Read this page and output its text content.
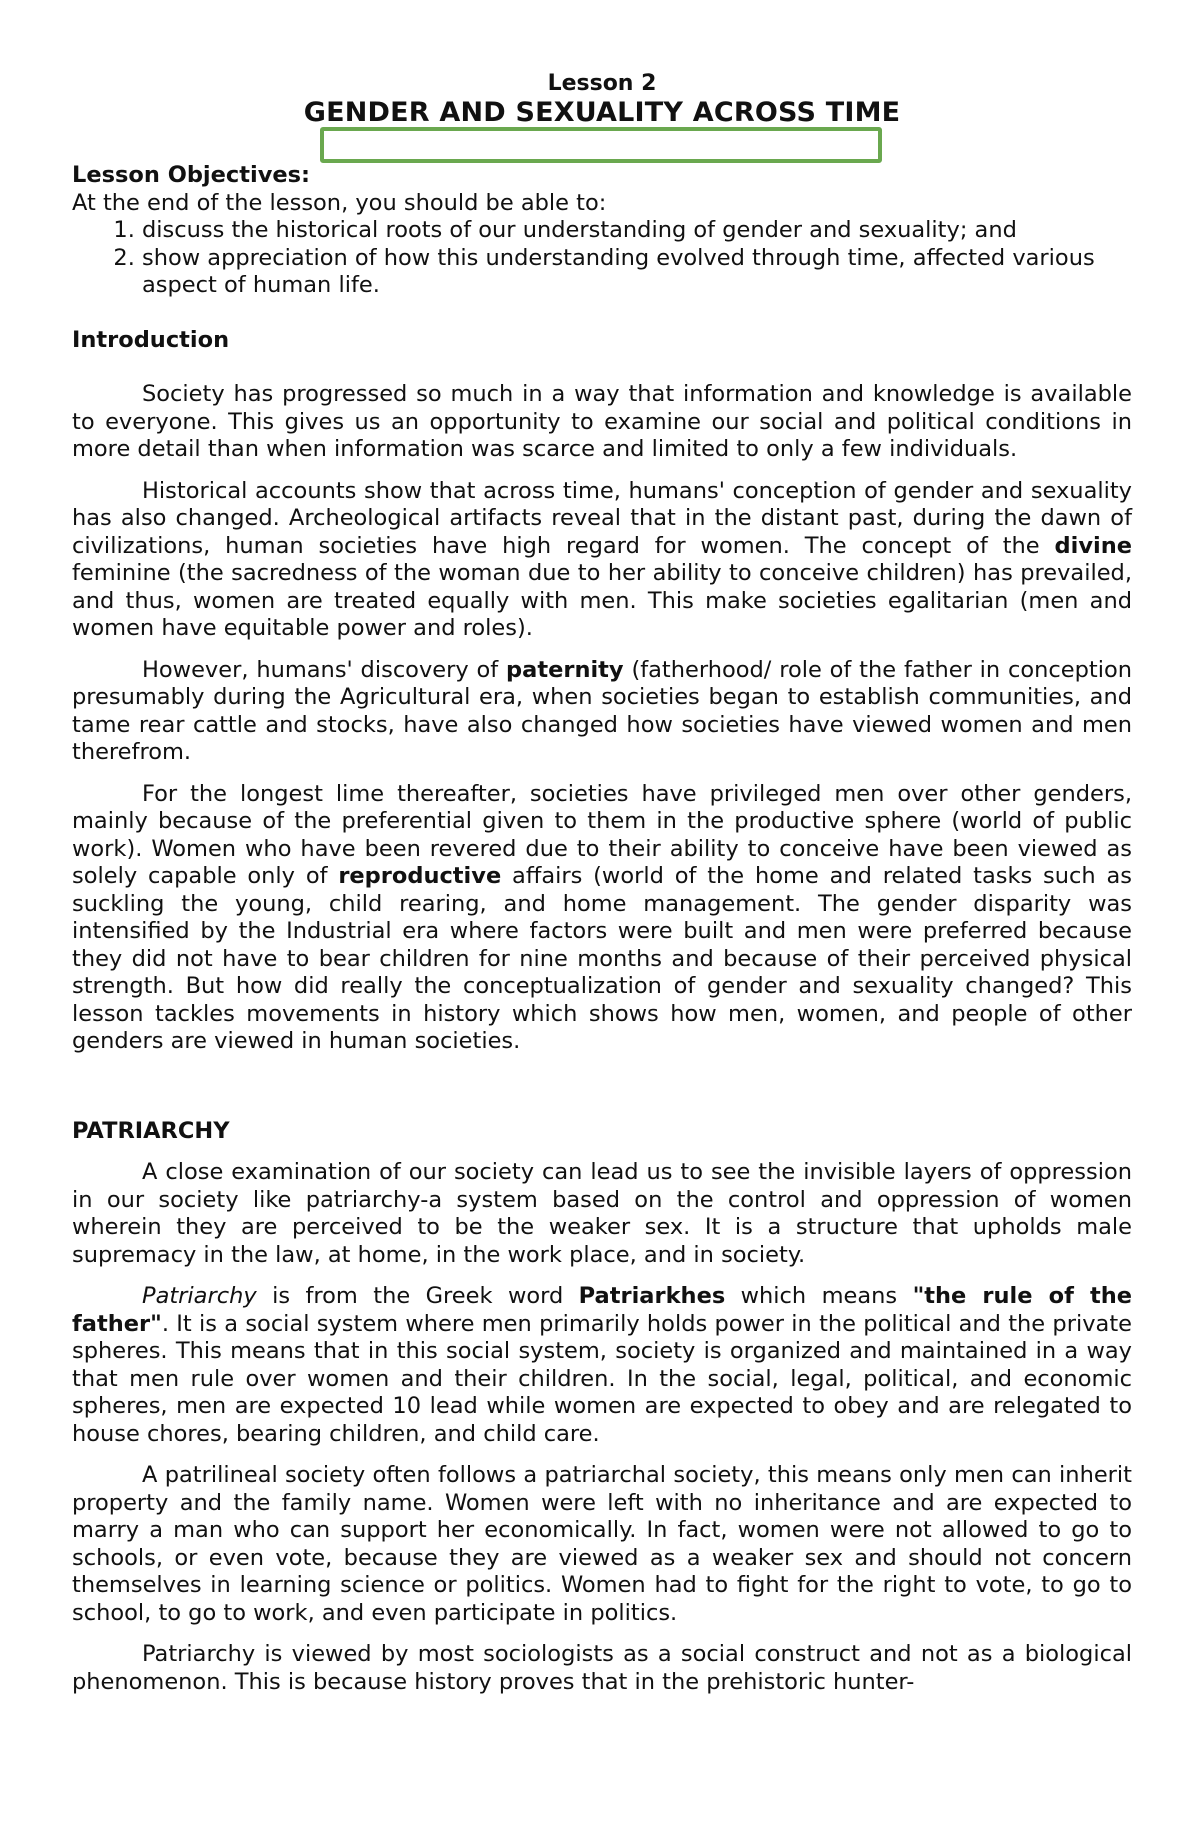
Lesson 2
GENDER AND SEXUALITY ACROSS TIME
Lesson Objectives:
At the end of the lesson, you should be able to:
1. discuss the historical roots of our understanding of gender and sexuality; and
2. show appreciation of how this understanding evolved through time, affected various aspect of human life.
Introduction

Society has progressed so much in a way that information and knowledge is available to everyone. This gives us an opportunity to examine our social and political conditions in more detail than when information was scarce and limited to only a few individuals.

Historical accounts show that across time, humans' conception of gender and sexuality has also changed. Archeological artifacts reveal that in the distant past, during the dawn of civilizations, human societies have high regard for women. The concept of the divine feminine (the sacredness of the woman due to her ability to conceive children) has prevailed, and thus, women are treated equally with men. This make societies egalitarian (men and women have equitable power and roles).

However, humans' discovery of paternity (fatherhood/ role of the father in conception presumably during the Agricultural era, when societies began to establish communities, and tame rear cattle and stocks, have also changed how societies have viewed women and men therefrom.

For the longest lime thereafter, societies have privileged men over other genders, mainly because of the preferential given to them in the productive sphere (world of public work). Women who have been revered due to their ability to conceive have been viewed as solely capable only of reproductive affairs (world of the home and related tasks such as suckling the young, child rearing, and home management. The gender disparity was intensified by the Industrial era where factors were built and men were preferred because they did not have to bear children for nine months and because of their perceived physical strength. But how did really the conceptualization of gender and sexuality changed? This lesson tackles movements in history which shows how men, women, and people of other genders are viewed in human societies.

PATRIARCHY

A close examination of our society can lead us to see the invisible layers of oppression in our society like patriarchy-a system based on the control and oppression of women wherein they are perceived to be the weaker sex. It is a structure that upholds male supremacy in the law, at home, in the work place, and in society.

Patriarchy is from the Greek word Patriarkhes which means "the rule of the father". It is a social system where men primarily holds power in the political and the private spheres. This means that in this social system, society is organized and maintained in a way that men rule over women and their children. In the social, legal, political, and economic spheres, men are expected 10 lead while women are expected to obey and are relegated to house chores, bearing children, and child care.

A patrilineal society often follows a patriarchal society, this means only men can inherit property and the family name. Women were left with no inheritance and are expected to marry a man who can support her economically. In fact, women were not allowed to go to schools, or even vote, because they are viewed as a weaker sex and should not concern themselves in learning science or politics. Women had to fight for the right to vote, to go to school, to go to work, and even participate in politics.

Patriarchy is viewed by most sociologists as a social construct and not as a biological phenomenon. This is because history proves that in the prehistoric hunter-
